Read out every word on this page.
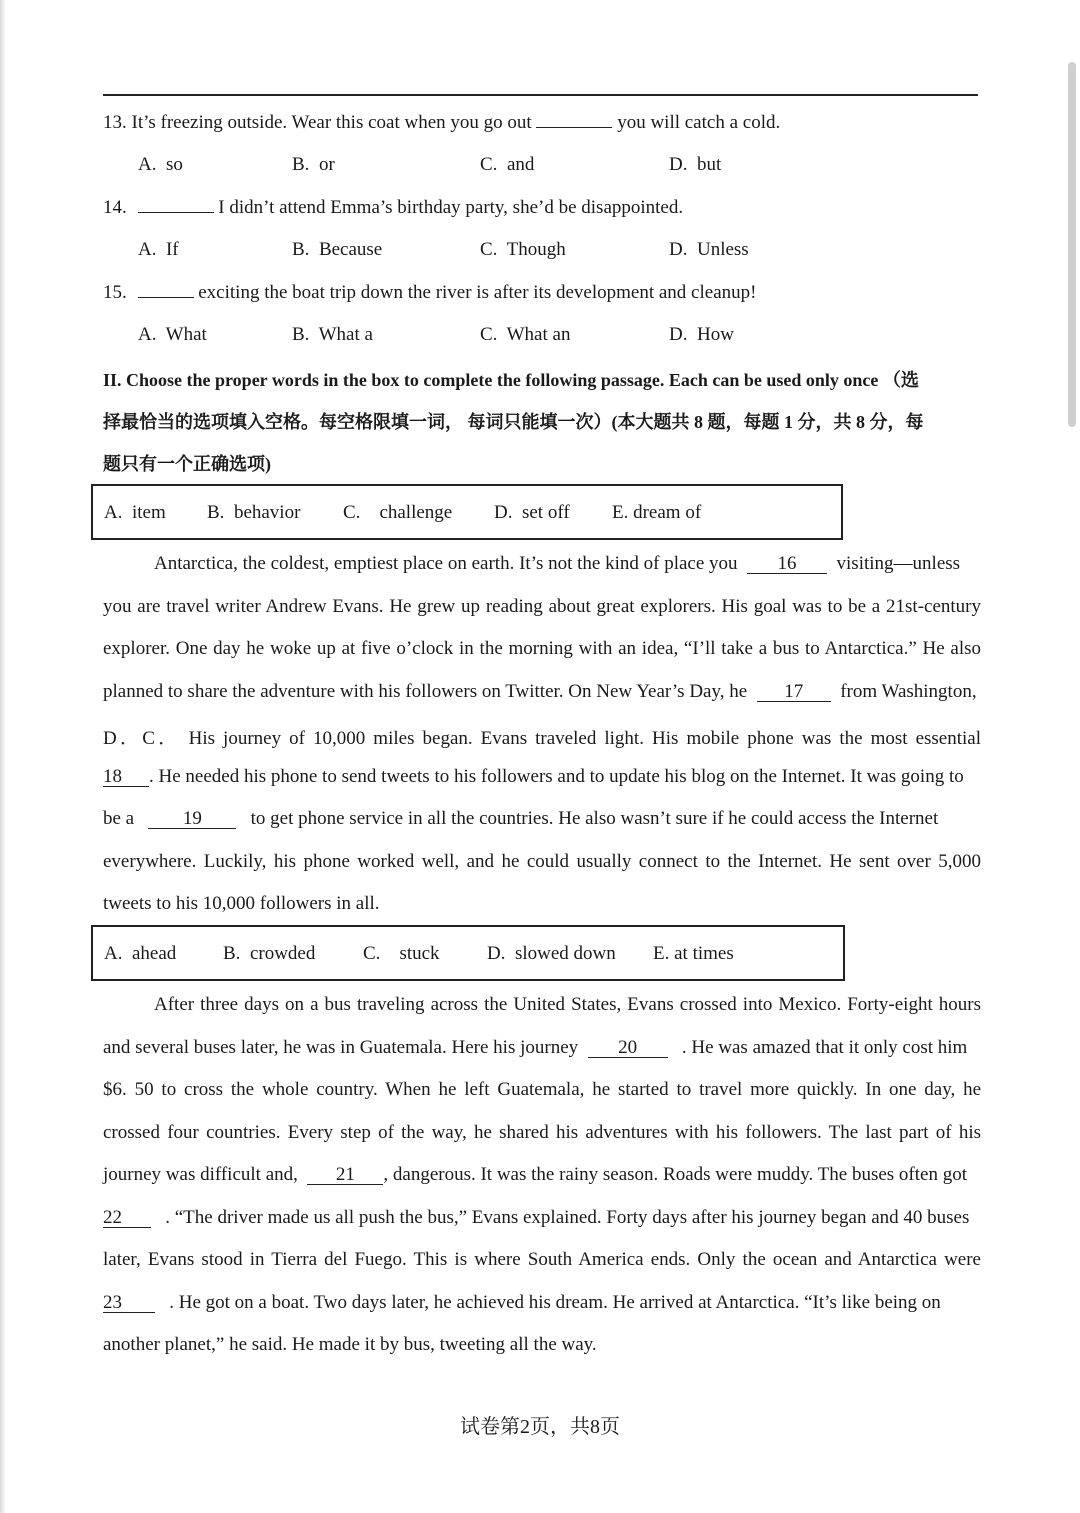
13. It’s freezing outside. Wear this coat when you go out	you will catch a cold.
A. so	B. or	C. and	D. but
14.	I didn’t attend Emma’s birthday party, she’d be disappointed.
A. If	B. Because	C. Though	D. Unless
15.	exciting the boat trip down the river is after its development and cleanup!
A. What	B. What a	C. What an	D. How
II. Choose the proper words in the box to complete the following passage. Each can be used only once （选
择最恰当的选项填入空格。每空格限填一词， 每词只能填一次）(本大题共 8 题，每题 1 分，共 8 分，每
题只有一个正确选项)
A. item B. behavior C. challenge D. set off E. dream of
Antarctica, the coldest, emptiest place on earth. It’s not the kind of place you 16 visiting—unless
you are travel writer Andrew Evans. He grew up reading about great explorers. His goal was to be a 21st-century
explorer. One day he woke up at five o’clock in the morning with an idea, “I’ll take a bus to Antarctica.” He also
planned to share the adventure with his followers on Twitter. On New Year’s Day, he 17 from Washington,
D．C． His journey of 10,000 miles began. Evans traveled light. His mobile phone was the most essential
18 . He needed his phone to send tweets to his followers and to update his blog on the Internet. It was going to
be a	19	to get phone service in all the countries. He also wasn’t sure if he could access the Internet
everywhere. Luckily, his phone worked well, and he could usually connect to the Internet. He sent over 5,000
tweets to his 10,000 followers in all.
A. ahead B. crowded	C. stuck D. slowed down E. at times
After three days on a bus traveling across the United States, Evans crossed into Mexico. Forty-eight hours
and several buses later, he was in Guatemala. Here his journey 20 . He was amazed that it only cost him
$6. 50 to cross the whole country. When he left Guatemala, he started to travel more quickly. In one day, he
crossed four countries. Every step of the way, he shared his adventures with his followers. The last part of his
journey was difficult and, 21 , dangerous. It was the rainy season. Roads were muddy. The buses often got
22 . “The driver made us all push the bus,” Evans explained. Forty days after his journey began and 40 buses
later, Evans stood in Tierra del Fuego. This is where South America ends. Only the ocean and Antarctica were
23 . He got on a boat. Two days later, he achieved his dream. He arrived at Antarctica. “It’s like being on
another planet,” he said. He made it by bus, tweeting all the way.
试卷第2页，共8页
